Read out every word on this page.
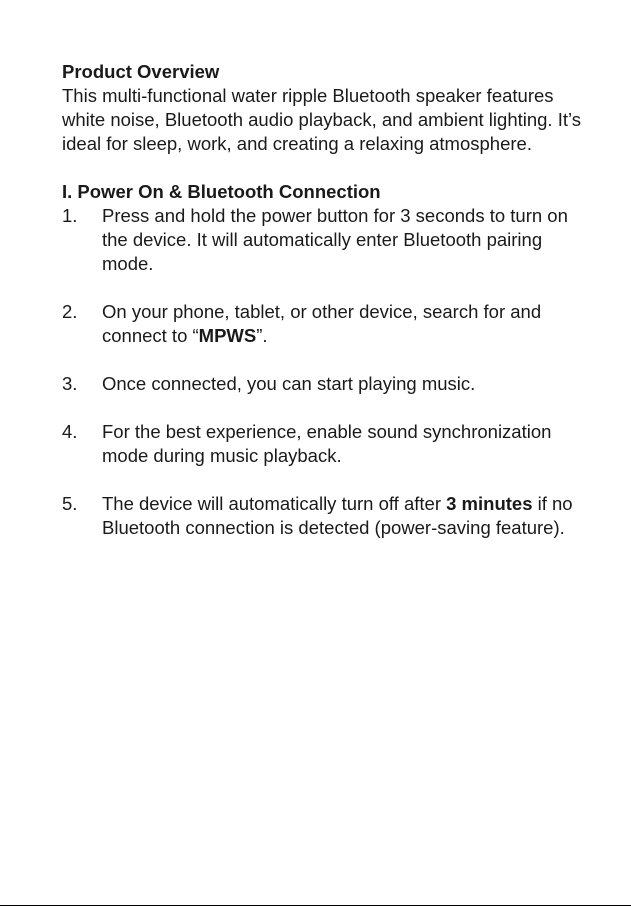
Product Overview

This multi-functional water ripple Bluetooth speaker features white noise, Bluetooth audio playback, and ambient lighting. It’s ideal for sleep, work, and creating a relaxing atmosphere.

I. Power On & Bluetooth Connection

1.	Press and hold the power button for 3 seconds to turn on the device. It will automatically enter Bluetooth pairing mode.
2.	On your phone, tablet, or other device, search for and connect to “MPWS”.
3.	Once connected, you can start playing music.
4.	For the best experience, enable sound synchronization mode during music playback.
5.	The device will automatically turn off after 3 minutes if no Bluetooth connection is detected (power-saving feature).
